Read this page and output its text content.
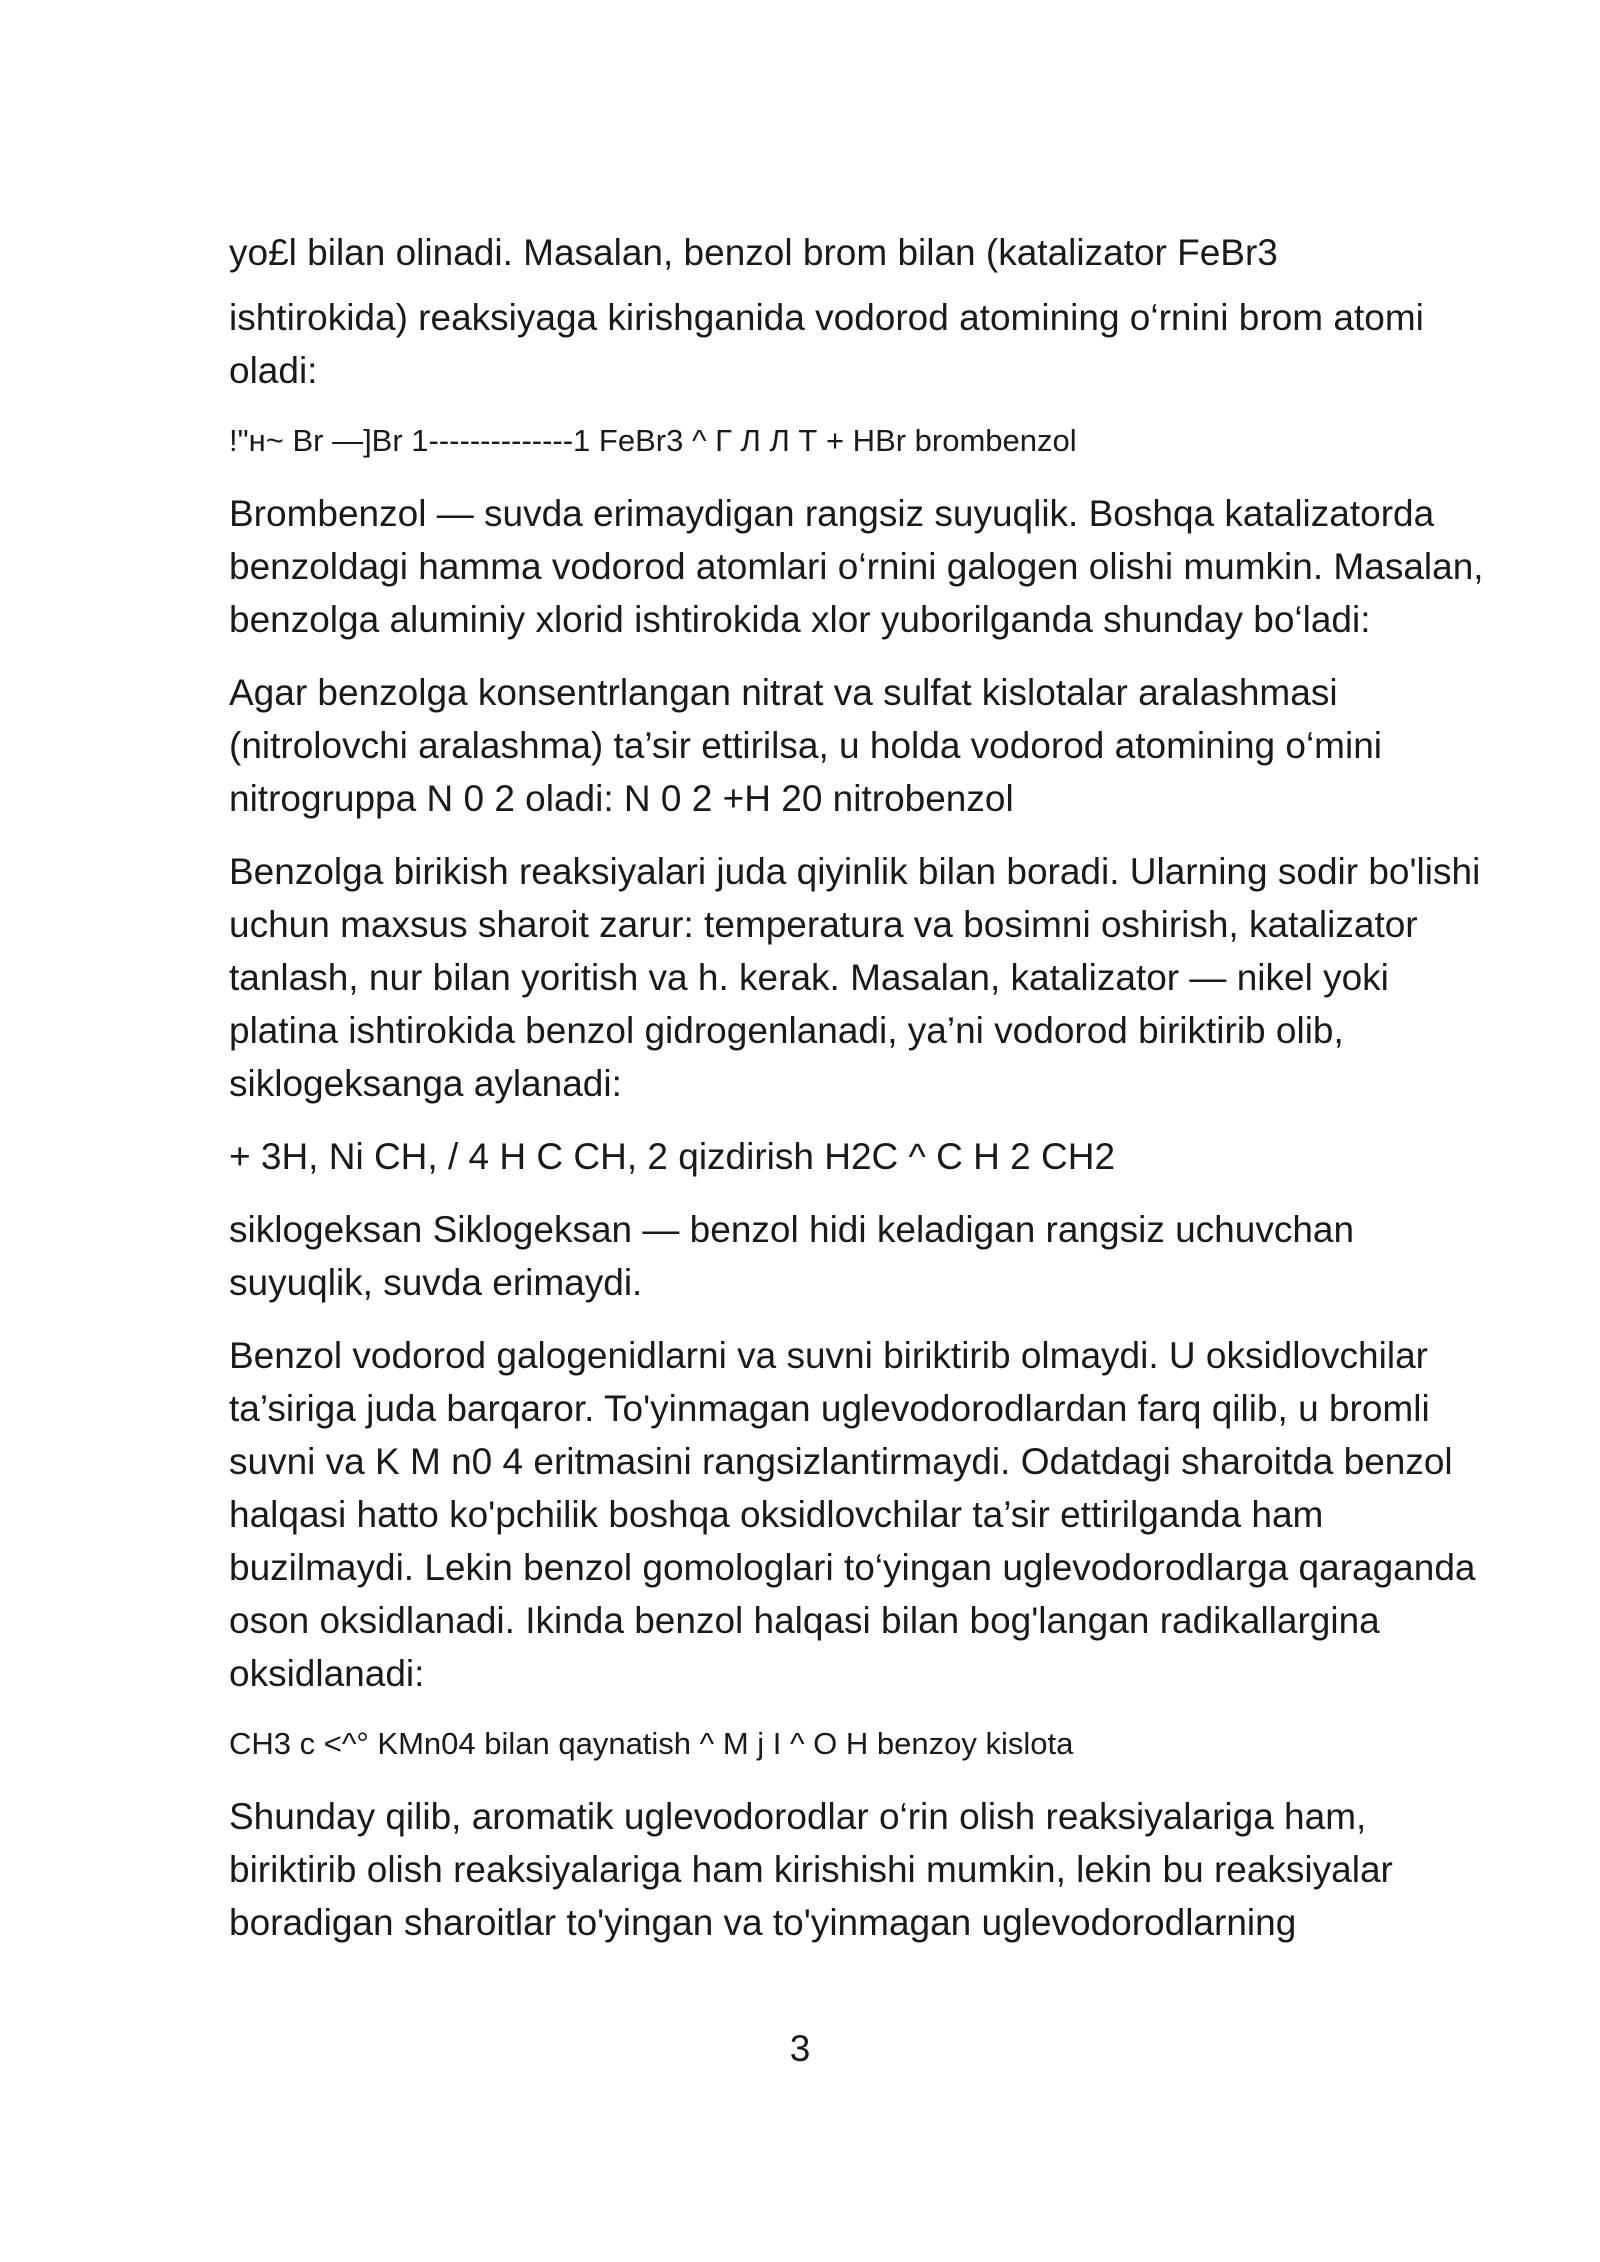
yo£l bilan olinadi. Masalan, benzol brom bilan (katalizator FeBr3

ishtirokida) reaksiyaga kirishganida vodorod atomining o‘rnini brom atomi oladi:

!"н~ Br —]Br 1--------------1 FeBr3 ^ Г Л Л Т + HBr brombenzol

Brombenzol — suvda erimaydigan rangsiz suyuqlik. Boshqa katalizatorda benzoldagi hamma vodorod atomlari o‘rnini galogen olishi mumkin. Masalan, benzolga aluminiy xlorid ishtirokida xlor yuborilganda shunday bo‘ladi:

Agar benzolga konsentrlangan nitrat va sulfat kislotalar aralashmasi (nitrolovchi aralashma) ta’sir ettirilsa, u holda vodorod atomining o‘mini nitrogruppa N 0 2 oladi: N 0 2 +H 20 nitrobenzol

Benzolga birikish reaksiyalari juda qiyinlik bilan boradi. Ularning sodir bo'lishi uchun maxsus sharoit zarur: temperatura va bosimni oshirish, katalizator tanlash, nur bilan yoritish va h. kerak. Masalan, katalizator — nikel yoki platina ishtirokida benzol gidrogenlanadi, ya’ni vodorod biriktirib olib, siklogeksanga aylanadi:

+ 3H, Ni CH, / 4 H C CH, 2 qizdirish H2C ^ C H 2 CH2

siklogeksan Siklogeksan — benzol hidi keladigan rangsiz uchuvchan suyuqlik, suvda erimaydi.

Benzol vodorod galogenidlarni va suvni biriktirib olmaydi. U oksidlovchilar ta’siriga juda barqaror. To'yinmagan uglevodorodlardan farq qilib, u bromli suvni va K M n0 4 eritmasini rangsizlantirmaydi. Odatdagi sharoitda benzol halqasi hatto ko'pchilik boshqa oksidlovchilar ta’sir ettirilganda ham buzilmaydi. Lekin benzol gomologlari to‘yingan uglevodorodlarga qaraganda oson oksidlanadi. Ikinda benzol halqasi bilan bog'langan radikallargina oksidlanadi:

CH3 c <^° KMn04 bilan qaynatish ^ M j I ^ O H benzoy kislota

Shunday qilib, aromatik uglevodorodlar o‘rin olish reaksiyalariga ham, biriktirib olish reaksiyalariga ham kirishishi mumkin, lekin bu reaksiyalar boradigan sharoitlar to'yingan va to'yinmagan uglevodorodlarning

3
